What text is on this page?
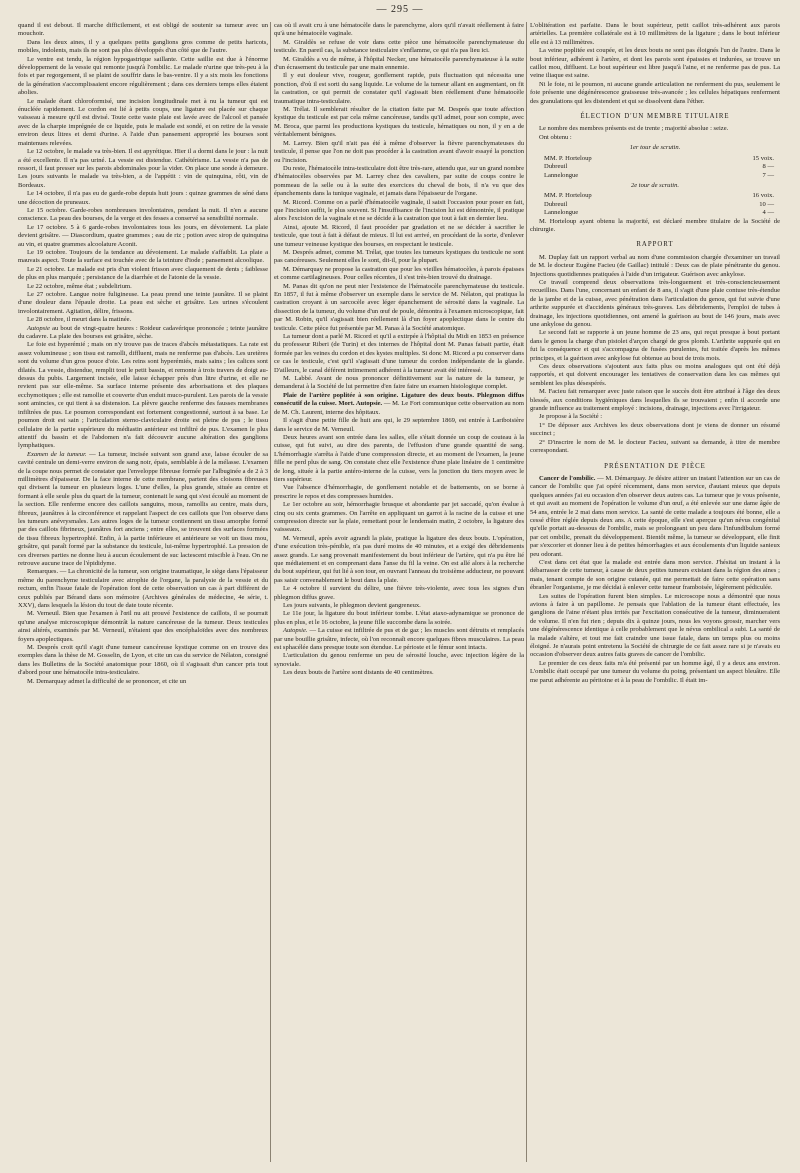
— 295 —

quand il est debout. Il marche difficilement, et est obligé de soutenir sa tumeur avec un mouchoir.

Dans les deux aines, il y a quelques petits ganglions gros comme de petits haricots, mobiles, indolents, mais ils ne sont pas plus développés d'un côté que de l'autre.

Le ventre est tendu, la région hypogastrique saillante. Cette saillie est due à l'énorme développement de la vessie qui remonte jusqu'à l'ombilic. Le malade n'urine que très-peu à la fois et par regorgement, il se plaint de souffrir dans le bas-ventre. Il y a six mois les fonctions de la génération s'accomplissaient encore régulièrement ; dans ces derniers temps elles étaient abolies.

Le malade étant chloroformisé, une incision longitudinale met à nu la tumeur qui est énucléée rapidement. Le cordon est lié à petits coups, une ligature est placée sur chaque vaisseau à mesure qu'il est divisé. Toute cette vaste plaie est lavée avec de l'alcool et pansée avec de la charpie imprégnée de ce liquide, puis le malade est sondé, et on retire de la vessie environ deux litres et demi d'urine. A l'aide d'un pansement approprié les bourses sont maintenues relevées.

Le 12 octobre, le malade va très-bien. Il est apyrétique. Hier il a dormi dans le jour : la nuit a été excellente. Il n'a pas uriné. La vessie est distendue. Cathétérisme. La vessie n'a pas de ressort, il faut presser sur les parois abdominales pour la vider. On place une sonde à demeure. Les jours suivants le malade va très-bien, a de l'appétit : vin de quinquina, rôti, vin de Bordeaux.

Le 14 octobre, il n'a pas eu de garde-robe depuis huit jours : quinze grammes de séné dans une décoction de pruneaux.

Le 15 octobre. Garde-robes nombreuses involontaires, pendant la nuit. Il n'en a aucune conscience. La peau des bourses, de la verge et des fesses a conservé sa sensibilité normale.

Le 17 octobre. 5 à 6 garde-robes involontaires tous les jours, en dévoiement. La plaie devient grisâtre. — Diascordium, quatre grammes ; eau de riz ; potion avec sirop de quinquina au vin, et quatre grammes alcoolature Aconit.

Le 19 octobre. Toujours de la tendance au dévoiement. Le malade s'affaiblit. La plaie a mauvais aspect. Toute la surface est touchée avec de la teinture d'iode ; pansement alcoolique.

Le 21 octobre. Le malade est pris d'un violent frisson avec claquement de dents ; faiblesse de plus en plus marquée ; persistance de la diarrhée et de l'atonie de la vessie.

Le 22 octobre, même état ; subdelirium.

Le 27 octobre. Langue noire fuligineuse. La peau prend une teinte jaunâtre. Il se plaint d'une douleur dans l'épaule droite. La peau est sèche et grisâtre. Les urines s'écoulent involontairement. Agitation, délire, frissons.

Le 28 octobre, il meurt dans la matinée.

Autopsie au bout de vingt-quatre heures : Roideur cadavérique prononcée ; teinte jaunâtre du cadavre. La plaie des bourses est grisâtre, sèche.

Le foie est hyperémié ; mais on n'y trouve pas de traces d'abcès métastatiques. La rate est assez volumineuse ; son tissu est ramolli, diffluent, mais ne renferme pas d'abcès. Les uretères sont du volume d'un gros pouce d'oie. Les reins sont hyperémiés, mais sains ; les calices sont dilatés. La vessie, distendue, remplit tout le petit bassin, et remonte à trois travers de doigt au-dessus du pubis. Largement incisée, elle laisse échapper près d'un litre d'urine, et elle ne revient pas sur elle-même. Sa surface interne présente des arborisations et des plaques ecchymotiques ; elle est ramollie et couverte d'un enduit muco-purulent. Les parois de la vessie sont amincies, ce qui tient à sa distension. La plèvre gauche renferme des fausses membranes infiltrées de pus. Le poumon correspondant est fortement congestionné, surtout à sa base. Le poumon droit est sain ; l'articulation sterno-claviculaire droite est pleine de pus ; le tissu cellulaire de la partie supérieure du médiastin antérieur est infiltré de pus. L'examen le plus attentif du bassin et de l'abdomen n'a fait découvrir aucune altération des ganglions lymphatiques.

Examen de la tumeur. — La tumeur, incisée suivant son grand axe, laisse écouler de sa cavité centrale un demi-verre environ de sang noir, épais, semblable à de la mélasse. L'examen de la coupe nous permet de constater que l'enveloppe fibreuse formée par l'albuginée a de 2 à 3 millimètres d'épaisseur. De la face interne de cette membrane, partent des cloisons fibreuses qui divisent la tumeur en plusieurs loges. L'une d'elles, la plus grande, située au centre et formant à elle seule plus du quart de la tumeur, contenait le sang qui s'est écoulé au moment de la section. Elle renferme encore des caillots sanguins, mous, ramollis au centre, mais durs, fibreux, jaunâtres à la circonférence et rappelant l'aspect de ces caillots que l'on observe dans les tumeurs anévrysmales. Les autres loges de la tumeur contiennent un tissu amorphe formé par des caillots fibrineux, jaunâtres fort anciens ; entre elles, se trouvent des surfaces formées de tissu fibreux hypertrophié. Enfin, à la partie inférieure et antérieure se voit un tissu mou, grisâtre, qui paraît formé par la substance du testicule, lui-même hypertrophié. La pression de ces diverses parties ne donne lieu à aucun écoulement de suc lactescent miscible à l'eau. On ne retrouve aucune trace de l'épididyme.

Remarques. — La chronicité de la tumeur, son origine traumatique, le siège dans l'épaisseur même du parenchyme testiculaire avec atrophie de l'organe, la paralysie de la vessie et du rectum, enfin l'issue fatale de l'opération font de cette observation un cas à part différent de ceux publiés par Bérand dans son mémoire (Archives générales de médecine, 4e série, t. XXV), dans lesquels la lésion du tout de date toute récente.

M. Verneuil. Bien que l'examen à l'œil nu ait prouvé l'existence de caillots, il se pourrait qu'une analyse microscopique démontrât la nature cancéreuse de la tumeur. Deux testicules ainsi altérés, examinés par M. Verneuil, n'étaient que des encéphaloïdes avec des nombreux foyers apoplectiques.

M. Després croit qu'il s'agit d'une tumeur cancéreuse kystique comme on en trouve des exemples dans la thèse de M. Gosselin, de Lyon, et cite un cas du service de Nélaton, consigné dans les Bulletins de la Société anatomique pour 1860, où il s'agissait d'un cancer pris tout d'abord pour une hématocèle intra-testiculaire.

M. Demarquay admet la difficulté de se prononcer, et cite un

cas où il avait cru à une hématocèle dans le parenchyme, alors qu'il n'avait réellement à faire qu'à une hématocèle vaginale.

M. Giraldès se refuse de voir dans cette pièce une hématocèle parenchymateuse du testicule. En pareil cas, la substance testiculaire s'enflamme, ce qui n'a pas lieu ici.

M. Giraldès a vu de même, à l'hôpital Necker, une hématocèle parenchymateuse à la suite d'un écrasement du testicule par une main ennemie.

Il y eut douleur vive, rougeur, gonflement rapide, puis fluctuation qui nécessita une ponction, d'où il est sorti du sang liquide. Le volume de la tumeur allant en augmentant, on fit la castration, ce qui permit de constater qu'il s'agissait bien réellement d'une hématocèle traumatique intra-testiculaire.

M. Trélat. Il semblerait résulter de la citation faite par M. Després que toute affection kystique du testicule est par cela même cancéreuse, tandis qu'il admet, pour son compte, avec M. Broca, que parmi les productions kystiques du testicule, hématiques ou non, il y en a de véritablement bénignes.

M. Larrey. Bien qu'il n'ait pas été à même d'observer la fièvre parenchymateuses du testicule, il pense que l'on ne doit pas procéder à la castration avant d'avoir essayé la ponction ou l'incision.

Du reste, l'hématocèle intra-testiculaire doit être très-rare, attendu que, sur un grand nombre d'hématocèles observées par M. Larrey chez des cavaliers, par suite de coups contre le pommeau de la selle ou à la suite des exercices du cheval de bois, il n'a vu que des épanchements dans la tunique vaginale, et jamais dans l'épaisseur de l'organe.

M. Ricord. Comme on a parlé d'hématocèle vaginale, il saisit l'occasion pour poser en fait, que l'incision suffit, le plus souvent. Si l'insuffisance de l'incision lui est démontrée, il pratique alors l'excision de la vaginale et ne se décide à la castration que tout à fait en dernier lieu.

Ainsi, ajoute M. Ricord, il faut procéder par gradation et ne se décider à sacrifier le testicule, que tout à fait à défaut de mieux. Il lui est arrivé, en procédant de la sorte, d'enlever une tumeur veineuse kystique des bourses, en respectant le testicule.

M. Després admet, comme M. Trélat, que toutes les tumeurs kystiques du testicule ne sont pas cancéreuses. Seulement elles le sont, dit-il, pour la plupart.

M. Démarquay ne propose la castration que pour les vieilles hématocèles, à parois épaisses et comme cartilagineuses. Pour celles récentes, il s'est très-bien trouvé du drainage.

M. Panas dit qu'on ne peut nier l'existence de l'hématocèle parenchymateuse du testicule. En 1857, il fut à même d'observer un exemple dans le service de M. Nélaton, qui pratiqua la castration croyant à un sarcocèle avec léger épanchement de sérosité dans la vaginale. La dissection de la tumeur, du volume d'un œuf de poule, démontra à l'examen microscopique, fait par M. Robin, qu'il s'agissait bien réellement là d'un foyer apoplectique dans le centre du testicule. Cette pièce fut présentée par M. Panas à la Société anatomique.

La tumeur dont a parlé M. Ricord et qu'il a extirpée à l'hôpital du Midi en 1853 en présence du professeur Riberi (de Turin) et des internes de l'hôpital dont M. Panas faisait partie, était formée par les veines du cordon et des kystes multiples. Si donc M. Ricord a pu conserver dans ce cas le testicule, c'est qu'il s'agissait d'une tumeur du cordon indépendante de la glande. D'ailleurs, le canal déférent intimement adhérent à la tumeur avait été intéressé.

M. Labbé. Avant de nous prononcer définitivement sur la nature de la tumeur, je demanderai à la Société de lui permettre d'en faire faire un examen histologique complet.

Plaie de l'artère poplitée à son origine. Ligature des deux bouts. Phlegmon diffus consécutif de la cuisse. Mort. Autopsie. — M. Le Fort communique cette observation au nom de M. Ch. Laurent, interne des hôpitaux.

Il s'agit d'une petite fille de huit ans qui, le 29 septembre 1869, est entrée à Lariboisière dans le service de M. Verneuil.

Deux heures avant son entrée dans les salles, elle s'était donnée un coup de couteau à la cuisse, qui fut suivi, au dire des parents, de l'effusion d'une grande quantité de sang. L'hémorrhagie s'arrêta à l'aide d'une compression directe, et au moment de l'examen, la jeune fille ne perd plus de sang. On constate chez elle l'existence d'une plaie linéaire de 1 centimètre de long, située à la partie antéro-interne de la cuisse, vers la jonction du tiers moyen avec le tiers supérieur.

Vue l'absence d'hémorrhagie, de gonflement notable et de battements, on se borne à prescrire le repos et des compresses humides.

Le 1er octobre au soir, hémorrhagie brusque et abondante par jet saccadé, qu'on évalue à cinq ou six cents grammes. On l'arrête en appliquant un garrot à la racine de la cuisse et une compression directe sur la plaie, remettant pour le lendemain matin, 2 octobre, la ligature des vaisseaux.

M. Verneuil, après avoir agrandi la plaie, pratique la ligature des deux bouts. L'opération, d'une exécution très-pénible, n'a pas duré moins de 40 minutes, et a exigé des débridements assez grands. Le sang provenait manifestement du bout inférieur de l'artère, qui n'a pu être lié que médiatement et en comprenant dans l'anse du fil la veine. On est allé alors à la recherche du bout supérieur, qui fut lié à son tour, en ouvrant l'anneau du troisième adducteur, ne pouvant pas saisir convenablement le bout dans la plaie.

Le 4 octobre il survient du délire, une fièvre très-violente, avec tous les signes d'un phlegmon diffus grave.

Les jours suivants, le phlegmon devient gangreneux.

Le 11e jour, la ligature du bout inférieur tombe. L'état ataxo-adynamique se prononce de plus en plus, et le 16 octobre, la jeune fille succombe dans la soirée.

Autopsie. — La cuisse est infiltrée de pus et de gaz ; les muscles sont détruits et remplacés par une bouillie grisâtre, infecte, où l'on reconnaît encore quelques fibres musculaires. La peau est sphacélée dans presque toute son étendue. Le périoste et le fémur sont intacts.

L'articulation du genou renferme un peu de sérosité louche, avec injection légère de la synoviale.

Les deux bouts de l'artère sont distants de 40 centimètres.

L'oblitération est parfaite. Dans le bout supérieur, petit caillot très-adhérent aux parois artérielles. La première collatérale est à 10 millimètres de la ligature ; dans le bout inférieur elle est à 13 millimètres.

La veine poplitée est coupée, et les deux bouts ne sont pas éloignés l'un de l'autre. Dans le bout inférieur, adhérent à l'artère, et dont les parois sont épaissies et indurées, se trouve un caillot mou, diffluent. Le bout supérieur est libre jusqu'à l'aine, et ne renferme pas de pus. La veine iliaque est saine.

Ni le foie, ni le poumon, ni aucune grande articulation ne renferment du pus, seulement le foie présente une dégénérescence graisseuse très-avancée ; les cellules hépatiques renferment des granulations qui les distendent et qui se dissolvent dans l'éther.

ÉLECTION D'UN MEMBRE TITULAIRE

Le nombre des membres présents est de trente ; majorité absolue : seize.

Ont obtenu :

1er tour de scrutin.
MM. P. Horteloup	15 voix.
Dubreuil	8 —
Lannelongue	7 —
2e tour de scrutin.
MM. P. Horteloup	16 voix.
Dubreuil	10 —
Lannelongue	4 —

M. Horteloup ayant obtenu la majorité, est déclaré membre titulaire de la Société de chirurgie.

RAPPORT

M. Duplay fait un rapport verbal au nom d'une commission chargée d'examiner un travail de M. le docteur Eugène Facieu (de Gaillac) intitulé : Deux cas de plaie pénétrante du genou. Injections quotidiennes pratiquées à l'aide d'un irrigateur. Guérison avec ankylose.

Ce travail comprend deux observations très-longuement et très-consciencieusement recueillies. Dans l'une, concernant un enfant de 8 ans, il s'agit d'une plaie contuse très-étendue de la jambe et de la cuisse, avec pénétration dans l'articulation du genou, qui fut suivie d'une arthrite suppurée et d'accidents généraux très-graves. Les débridements, l'emploi de tubes à drainage, les injections quotidiennes, ont amené la guérison au bout de 146 jours, mais avec une ankylose du genou.

Le second fait se rapporte à un jeune homme de 23 ans, qui reçut presque à bout portant dans le genou la charge d'un pistolet d'arçon chargé de gros plomb. L'arthrite suppurée qui en fut la conséquence et qui s'accompagna de fusées purulentes, fut traitée d'après les mêmes principes, et la guérison avec ankylose fut obtenue au bout de trois mois.

Ces deux observations s'ajoutent aux faits plus ou moins analogues qui ont été déjà rapportés, et qui doivent encourager les tentatives de conservation dans les cas mêmes qui semblent les plus désespérés.

M. Facieu fait remarquer avec juste raison que le succès doit être attribué à l'âge des deux blessés, aux conditions hygiéniques dans lesquelles ils se trouvaient ; enfin il accorde une grande influence au traitement employé : incisions, drainage, injections avec l'irrigateur.

Je propose à la Société :

1° De déposer aux Archives les deux observations dont je viens de donner un résumé succinct ;

2° D'inscrire le nom de M. le docteur Facieu, suivant sa demande, à titre de membre correspondant.

PRÉSENTATION DE PIÈCE

Cancer de l'ombilic. — M. Démarquay. Je désire attirer un instant l'attention sur un cas de cancer de l'ombilic que j'ai opéré récemment, dans mon service, d'autant mieux que depuis quelques années j'ai eu occasion d'en observer deux autres cas. La tumeur que je vous présente, et qui avait au moment de l'opération le volume d'un œuf, a été enlevée sur une dame âgée de 54 ans, entrée le 2 mai dans mon service. La santé de cette malade a toujours été bonne, elle a cessé d'être réglée depuis deux ans. A cette époque, elle s'est aperçue qu'un névus congénital qu'elle portait au-dessous de l'ombilic, mais se prolongeant un peu dans l'infundibulum formé par cet ombilic, prenait du développement. Bientôt même, la tumeur se développant, elle finit par s'excorier et donner lieu à de petites hémorrhagies et aux écoulements d'un liquide sanieux peu odorant.

C'est dans cet état que la malade est entrée dans mon service. J'hésitai un instant à la débarrasser de cette tumeur, à cause de deux petites tumeurs existant dans la région des aines ; mais, tenant compte de son origine cutanée, qui me permettait de faire cette opération sans ébranler l'organisme, je me décidai à enlever cette tumeur framboisée, légèrement pédiculée.

Les suites de l'opération furent bien simples. Le microscope nous a démontré que nous avions à faire à un papillome. Je pensais que l'ablation de la tumeur étant effectuée, les ganglions de l'aine n'étant plus irrités par l'excitation consécutive de la tumeur, diminueraient de volume. Il n'en fut rien ; depuis dix à quinze jours, nous les voyons grossir, marcher vers une dégénérescence identique à celle probablement que le névus ombilical a subi. La santé de la malade s'altère, et tout me fait craindre une issue fatale, dans un temps plus ou moins éloigné. Je n'aurais point entretenu la Société de chirurgie de ce fait assez rare si je n'avais eu occasion d'observer deux autres faits graves de cancer de l'ombilic.

Le premier de ces deux faits m'a été présenté par un homme âgé, il y a deux ans environ. L'ombilic était occupé par une tumeur du volume du poing, présentant un aspect bleuâtre. Elle me parut adhérente au péritoine et à la peau de l'ombilic. Il était im-
